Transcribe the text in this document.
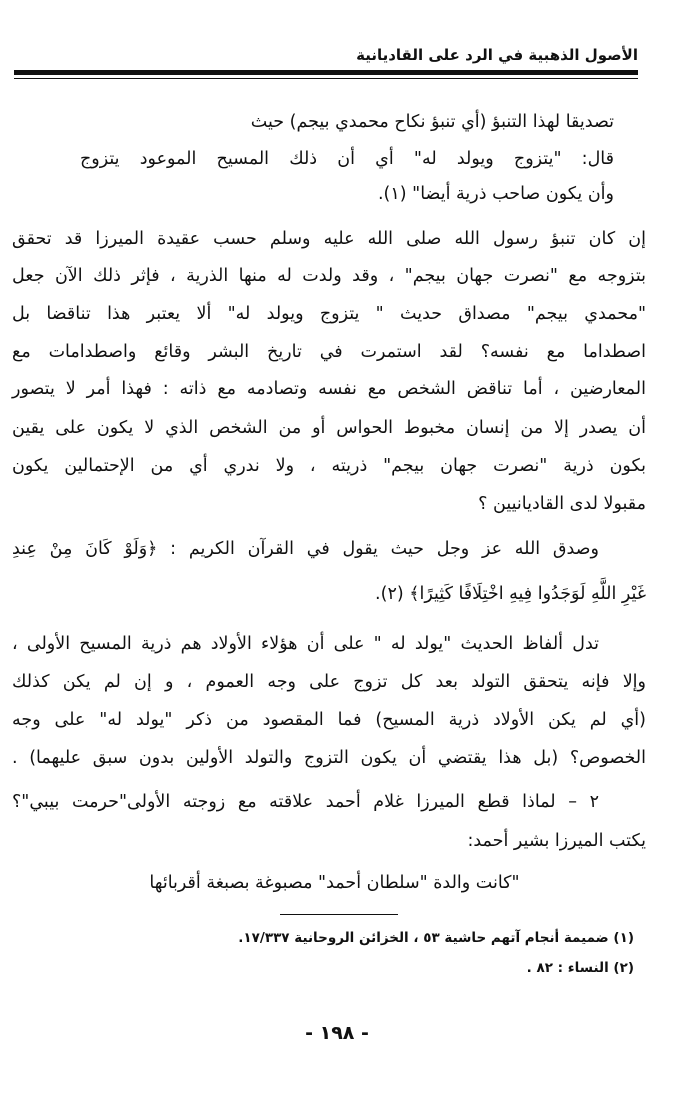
الأصول الذهبية في الرد على القاديانية
تصديقا لهذا التنبؤ (أي تنبؤ نكاح محمدي بيجم) حيث
قال: "يتزوج ويولد له" أي أن ذلك المسيح الموعود يتزوج
وأن يكون صاحب ذرية أيضا" (١).
إن كان تنبؤ رسول الله صلى الله عليه وسلم حسب عقيدة الميرزا قد تحقق
بتزوجه مع "نصرت جهان بيجم" ، وقد ولدت له منها الذرية ، فإثر ذلك الآن جعل
"محمدي بيجم" مصداق حديث " يتزوج ويولد له" ألا يعتبر هذا تناقضا بل
اصطداما مع نفسه؟ لقد استمرت في تاريخ البشر وقائع واصطدامات مع
المعارضين ، أما تناقض الشخص مع نفسه وتصادمه مع ذاته : فهذا أمر لا يتصور
أن يصدر إلا من إنسان مخبوط الحواس أو من الشخص الذي لا يكون على يقين
بكون ذرية "نصرت جهان بيجم" ذريته ، ولا ندري أي من الإحتمالين يكون
مقبولا لدى القاديانيين ؟
وصدق الله عز وجل حيث يقول في القرآن الكريم : ﴿وَلَوْ كَانَ مِنْ عِندِ
غَيْرِ اللَّهِ لَوَجَدُوا فِيهِ اخْتِلَافًا كَثِيرًا﴾ (٢).
تدل ألفاظ الحديث "يولد له " على أن هؤلاء الأولاد هم ذرية المسيح الأولى ،
وإلا فإنه يتحقق التولد بعد كل تزوج على وجه العموم ، و إن لم يكن كذلك
(أي لم يكن الأولاد ذرية المسيح) فما المقصود من ذكر "يولد له" على وجه
الخصوص؟ (بل هذا يقتضي أن يكون التزوج والتولد الأولين بدون سبق عليهما) .
٢ – لماذا قطع الميرزا غلام أحمد علاقته مع زوجته الأولى"حرمت بيبي"؟
يكتب الميرزا بشير أحمد:
"كانت والدة "سلطان أحمد" مصبوغة بصبغة أقربائها
(١) ضميمة أنجام آتهم حاشية ٥٣ ، الخزائن الروحانية ١٧/٣٣٧.
(٢) النساء : ٨٢ .
- ١٩٨ -
